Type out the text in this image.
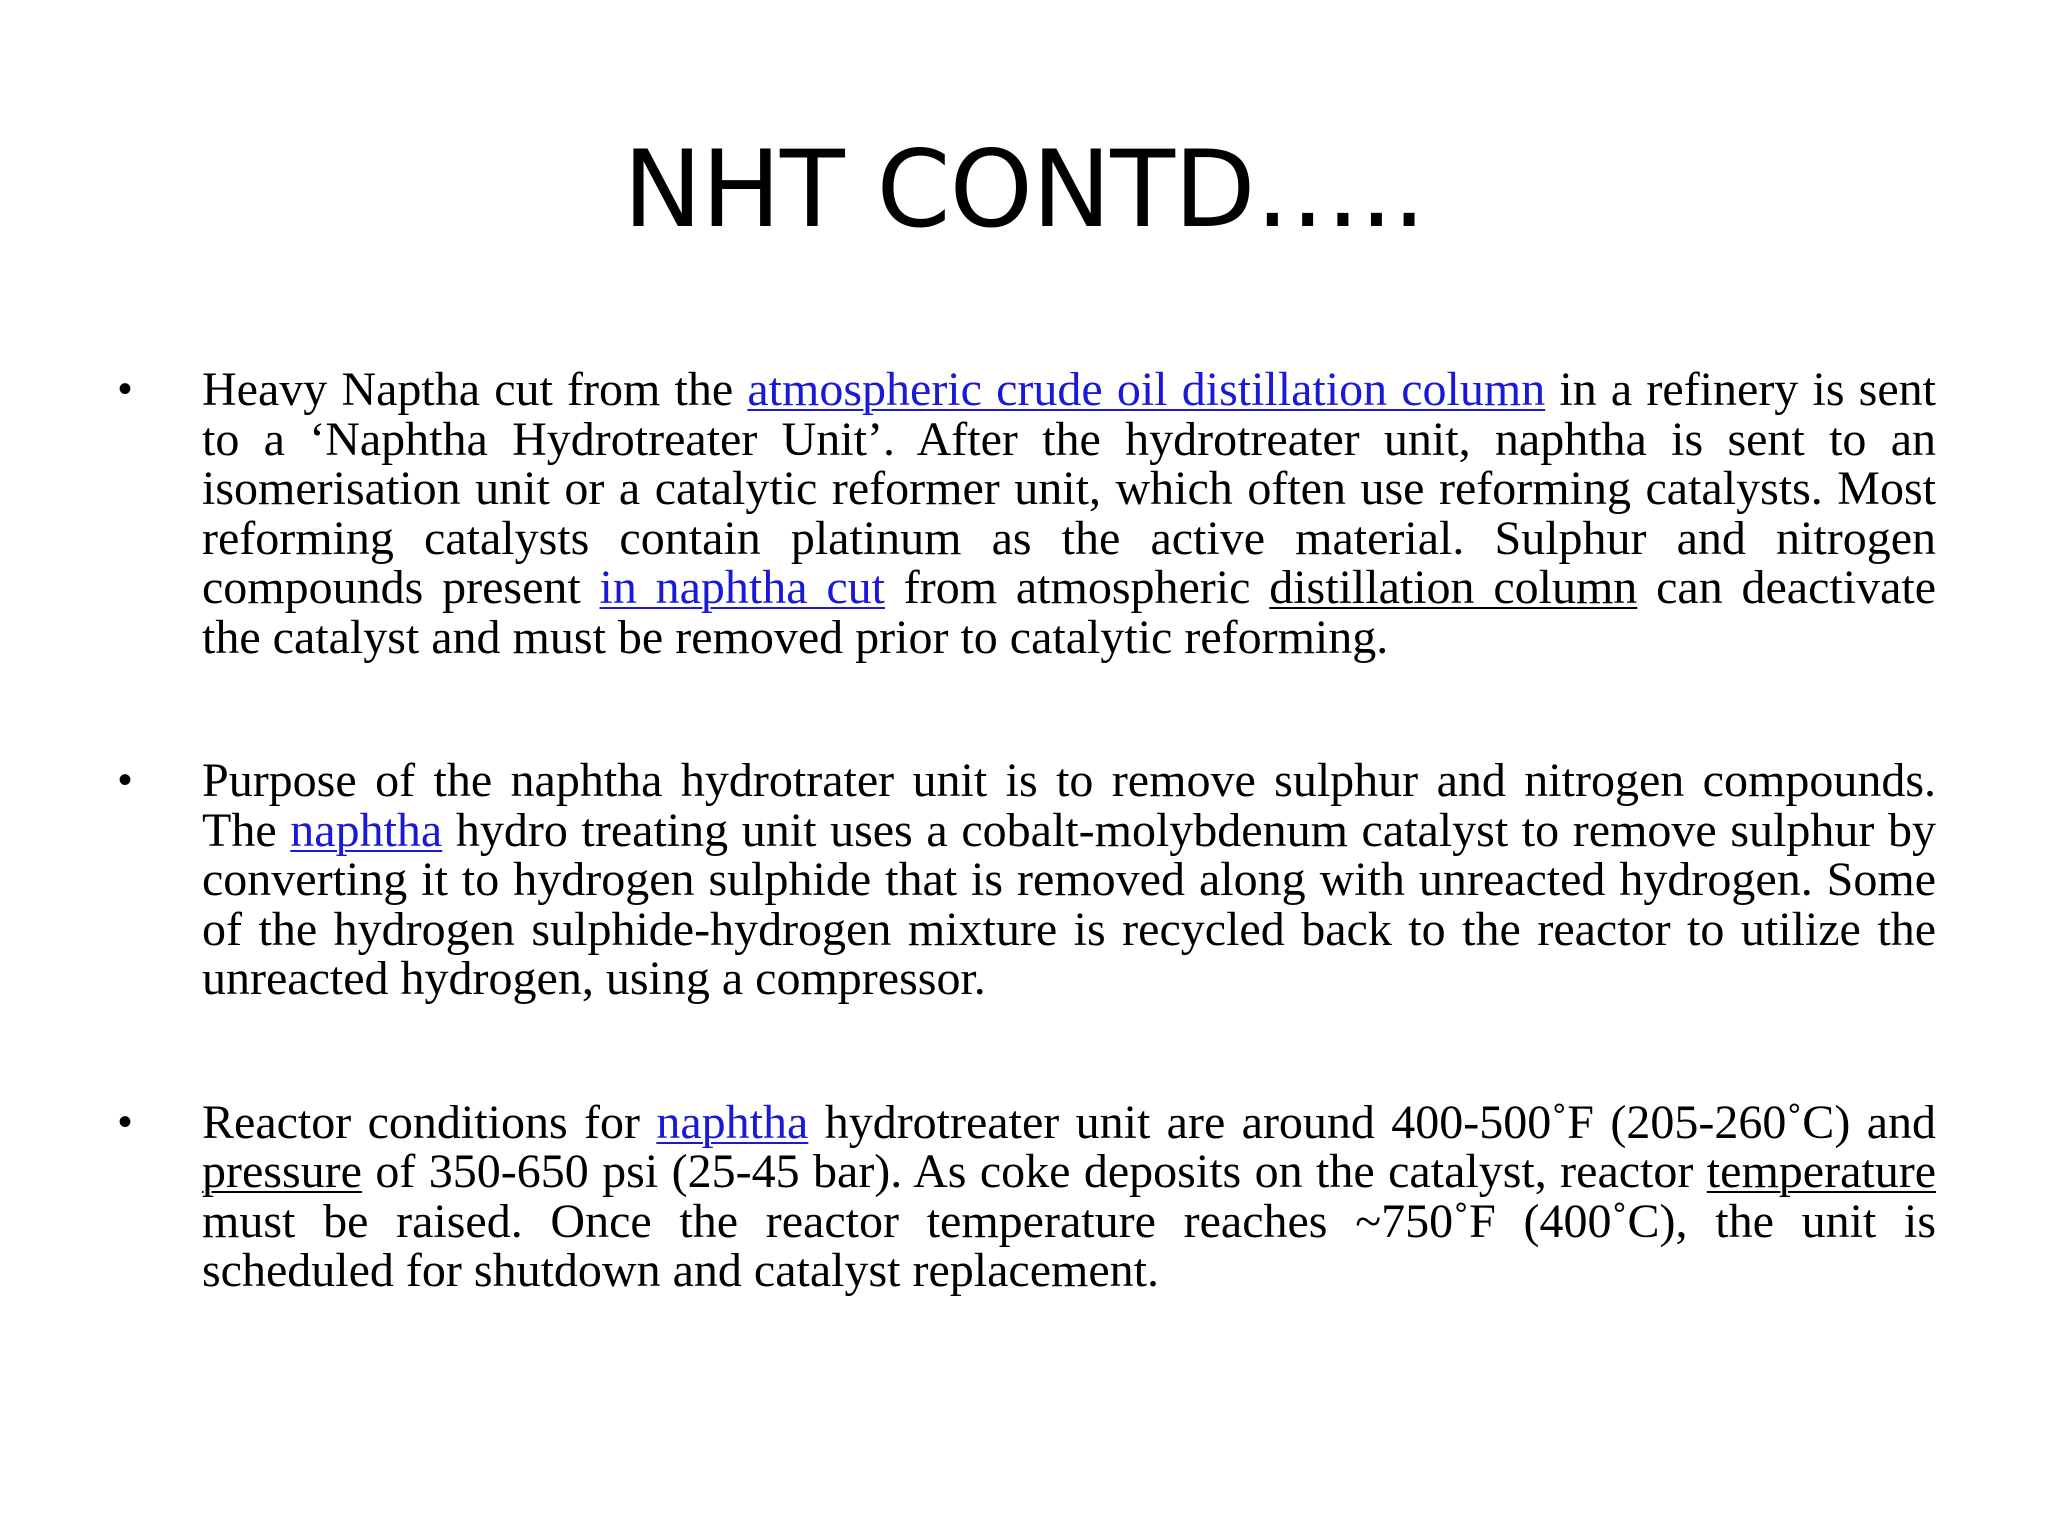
NHT CONTD…..
•	Heavy Naptha cut from the atmospheric crude oil distillation column in a refinery is sent to a ‘Naphtha Hydrotreater Unit’. After the hydrotreater unit, naphtha is sent to an isomerisation unit or a catalytic reformer unit, which often use reforming catalysts. Most reforming catalysts contain platinum as the active material. Sulphur and nitrogen compounds present in naphtha cut from atmospheric distillation column can deactivate the catalyst and must be removed prior to catalytic reforming.
•	Purpose of the naphtha hydrotrater unit is to remove sulphur and nitrogen compounds. The naphtha hydro treating unit uses a cobalt-molybdenum catalyst to remove sulphur by converting it to hydrogen sulphide that is removed along with unreacted hydrogen. Some of the hydrogen sulphide-hydrogen mixture is recycled back to the reactor to utilize the unreacted hydrogen, using a compressor.
•	Reactor conditions for naphtha hydrotreater unit are around 400-500˚F (205-260˚C) and pressure of 350-650 psi (25-45 bar). As coke deposits on the catalyst, reactor temperature must be raised. Once the reactor temperature reaches ~750˚F (400˚C), the unit is scheduled for shutdown and catalyst replacement.
